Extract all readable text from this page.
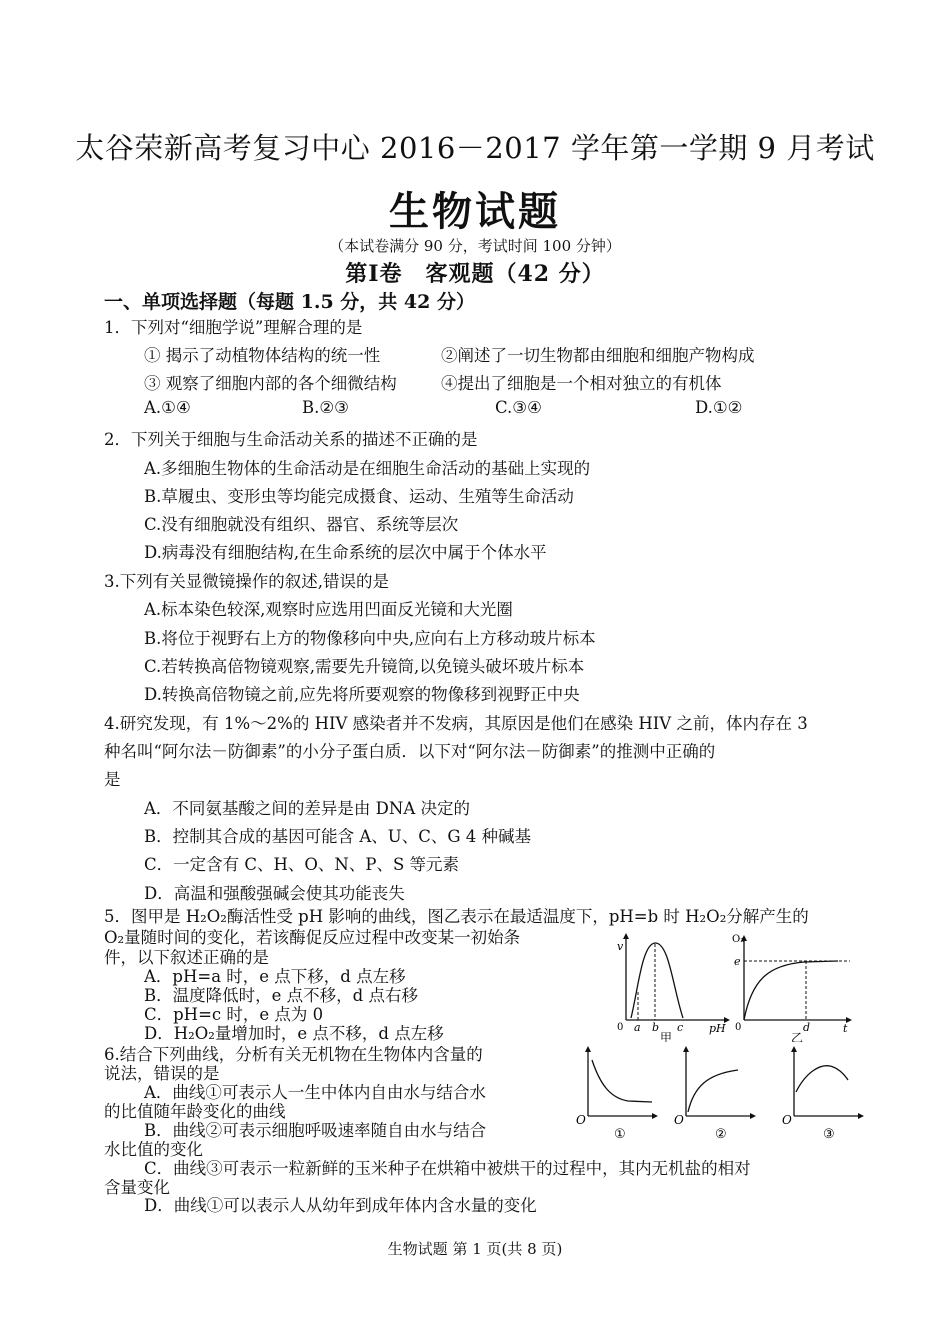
太谷荣新高考复习中心 2016－2017 学年第一学期 9 月考试
生物试题
（本试卷满分 90 分，考试时间 100 分钟）
第Ⅰ卷　客观题（42 分）
一、单项选择题（每题 1.5 分，共 42 分）
1．下列对“细胞学说”理解合理的是
① 揭示了动植物体结构的统一性	②阐述了一切生物都由细胞和细胞产物构成
③ 观察了细胞内部的各个细微结构	④提出了细胞是一个相对独立的有机体
A.①④	B.②③	C.③④	D.①②
2．下列关于细胞与生命活动关系的描述不正确的是
A.多细胞生物体的生命活动是在细胞生命活动的基础上实现的
B.草履虫、变形虫等均能完成摄食、运动、生殖等生命活动
C.没有细胞就没有组织、器官、系统等层次
D.病毒没有细胞结构,在生命系统的层次中属于个体水平
3.下列有关显微镜操作的叙述,错误的是
A.标本染色较深,观察时应选用凹面反光镜和大光圈
B.将位于视野右上方的物像移向中央,应向右上方移动玻片标本
C.若转换高倍物镜观察,需要先升镜筒,以免镜头破坏玻片标本
D.转换高倍物镜之前,应先将所要观察的物像移到视野正中央
4.研究发现，有 1%～2%的 HIV 感染者并不发病，其原因是他们在感染 HIV 之前，体内存在 3
种名叫“阿尔法－防御素”的小分子蛋白质．以下对“阿尔法－防御素”的推测中正确的
是
A．不同氨基酸之间的差异是由 DNA 决定的
B．控制其合成的基因可能含 A、U、C、G 4 种碱基
C．一定含有 C、H、O、N、P、S 等元素
D．高温和强酸强碱会使其功能丧失
5．图甲是 H₂O₂酶活性受 pH 影响的曲线，图乙表示在最适温度下，pH=b 时 H₂O₂分解产生的
O₂量随时间的变化，若该酶促反应过程中改变某一初始条
件，以下叙述正确的是
A．pH=a 时，e 点下移，d 点左移
B．温度降低时，e 点不移，d 点右移
C．pH=c 时，e 点为 0
D．H₂O₂量增加时，e 点不移，d 点左移
v
pH
0 a b c
甲
O₂
e
0	d	t
乙
6.结合下列曲线，分析有关无机物在生物体内含量的
说法，错误的是
A．曲线①可表示人一生中体内自由水与结合水
的比值随年龄变化的曲线
B．曲线②可表示细胞呼吸速率随自由水与结合
水比值的变化
C．曲线③可表示一粒新鲜的玉米种子在烘箱中被烘干的过程中，其内无机盐的相对
含量变化
D．曲线①可以表示人从幼年到成年体内含水量的变化
O
①
O
②
O
③
生物试题 第 1 页(共 8 页)
